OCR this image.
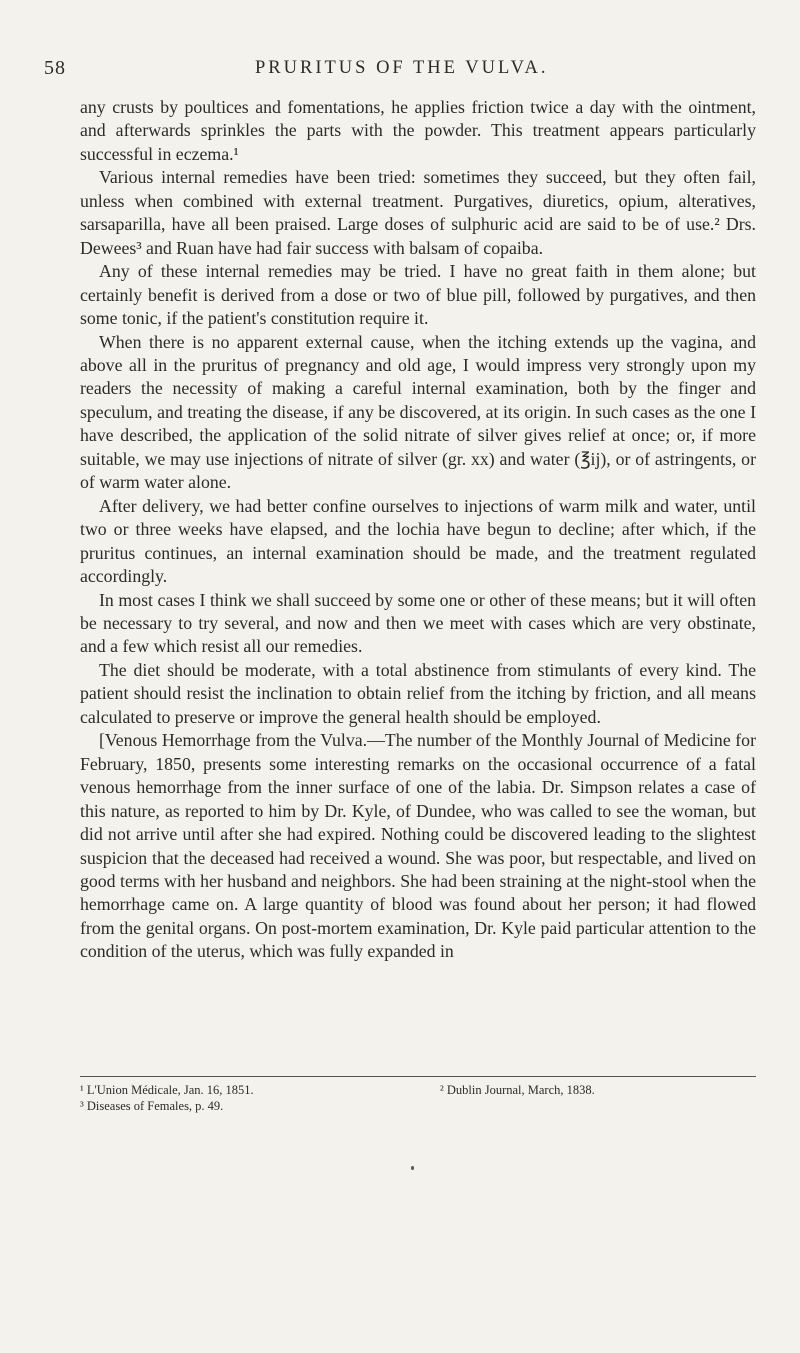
58	PRURITUS OF THE VULVA.

any crusts by poultices and fomentations, he applies friction twice a day with the ointment, and afterwards sprinkles the parts with the powder. This treatment appears particularly successful in eczema.¹

Various internal remedies have been tried: sometimes they succeed, but they often fail, unless when combined with external treatment. Purgatives, diuretics, opium, alteratives, sarsaparilla, have all been praised. Large doses of sulphuric acid are said to be of use.² Drs. Dewees³ and Ruan have had fair success with balsam of copaiba.

Any of these internal remedies may be tried. I have no great faith in them alone; but certainly benefit is derived from a dose or two of blue pill, followed by purgatives, and then some tonic, if the patient's constitution require it.

When there is no apparent external cause, when the itching extends up the vagina, and above all in the pruritus of pregnancy and old age, I would impress very strongly upon my readers the necessity of making a careful internal examination, both by the finger and speculum, and treating the disease, if any be discovered, at its origin. In such cases as the one I have described, the application of the solid nitrate of silver gives relief at once; or, if more suitable, we may use injections of nitrate of silver (gr. xx) and water (℥ij), or of astringents, or of warm water alone.

After delivery, we had better confine ourselves to injections of warm milk and water, until two or three weeks have elapsed, and the lochia have begun to decline; after which, if the pruritus continues, an internal examination should be made, and the treatment regulated accordingly.

In most cases I think we shall succeed by some one or other of these means; but it will often be necessary to try several, and now and then we meet with cases which are very obstinate, and a few which resist all our remedies.

The diet should be moderate, with a total abstinence from stimulants of every kind. The patient should resist the inclination to obtain relief from the itching by friction, and all means calculated to preserve or improve the general health should be employed.

[Venous Hemorrhage from the Vulva.—The number of the Monthly Journal of Medicine for February, 1850, presents some interesting remarks on the occasional occurrence of a fatal venous hemorrhage from the inner surface of one of the labia. Dr. Simpson relates a case of this nature, as reported to him by Dr. Kyle, of Dundee, who was called to see the woman, but did not arrive until after she had expired. Nothing could be discovered leading to the slightest suspicion that the deceased had received a wound. She was poor, but respectable, and lived on good terms with her husband and neighbors. She had been straining at the night-stool when the hemorrhage came on. A large quantity of blood was found about her person; it had flowed from the genital organs. On post-mortem examination, Dr. Kyle paid particular attention to the condition of the uterus, which was fully expanded in

¹ L'Union Médicale, Jan. 16, 1851.	² Dublin Journal, March, 1838.
³ Diseases of Females, p. 49.
